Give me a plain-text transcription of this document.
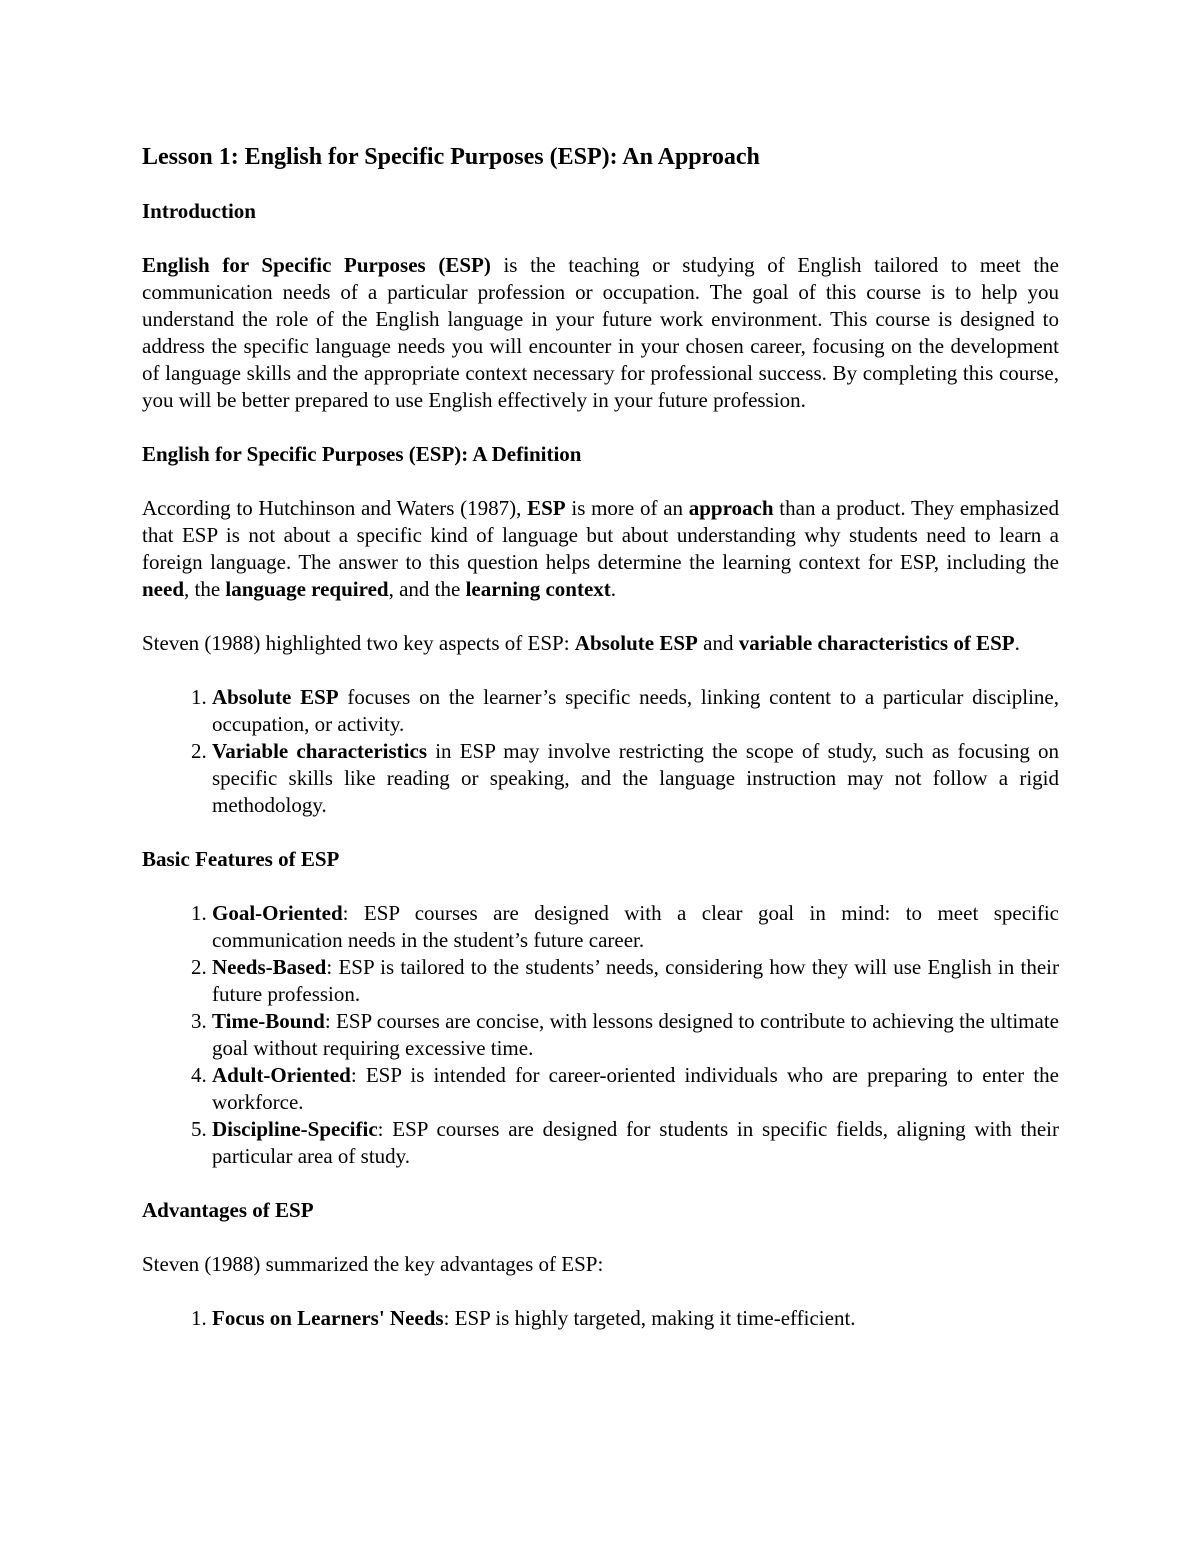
Lesson 1: English for Specific Purposes (ESP): An Approach
Introduction

English for Specific Purposes (ESP) is the teaching or studying of English tailored to meet the communication needs of a particular profession or occupation. The goal of this course is to help you understand the role of the English language in your future work environment. This course is designed to address the specific language needs you will encounter in your chosen career, focusing on the development of language skills and the appropriate context necessary for professional success. By completing this course, you will be better prepared to use English effectively in your future profession.

English for Specific Purposes (ESP): A Definition

According to Hutchinson and Waters (1987), ESP is more of an approach than a product. They emphasized that ESP is not about a specific kind of language but about understanding why students need to learn a foreign language. The answer to this question helps determine the learning context for ESP, including the need, the language required, and the learning context.

Steven (1988) highlighted two key aspects of ESP: Absolute ESP and variable characteristics of ESP.

1. Absolute ESP focuses on the learner’s specific needs, linking content to a particular discipline, occupation, or activity.
2. Variable characteristics in ESP may involve restricting the scope of study, such as focusing on specific skills like reading or speaking, and the language instruction may not follow a rigid methodology.
Basic Features of ESP
1. Goal-Oriented: ESP courses are designed with a clear goal in mind: to meet specific communication needs in the student’s future career.
2. Needs-Based: ESP is tailored to the students’ needs, considering how they will use English in their future profession.
3. Time-Bound: ESP courses are concise, with lessons designed to contribute to achieving the ultimate goal without requiring excessive time.
4. Adult-Oriented: ESP is intended for career-oriented individuals who are preparing to enter the workforce.
5. Discipline-Specific: ESP courses are designed for students in specific fields, aligning with their particular area of study.
Advantages of ESP

Steven (1988) summarized the key advantages of ESP:

1. Focus on Learners' Needs: ESP is highly targeted, making it time-efficient.
